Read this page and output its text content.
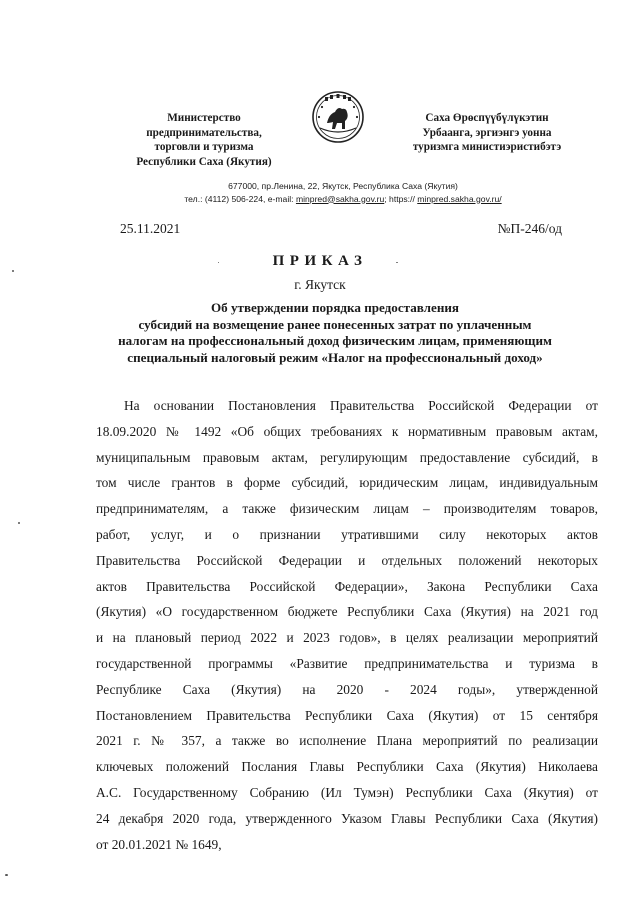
Министерство
предпринимательства,
торговли и туризма
Республики Саха (Якутия)
Саха Өрөспүүбүлүкэтин
Урбаанга, эргиэнгэ уонна
туризмга министиэристибэтэ
677000, пр.Ленина, 22, Якутск, Республика Саха (Якутия)
тел.: (4112) 506-224, e-mail: minpred@sakha.gov.ru; https:// minpred.sakha.gov.ru/
25.11.2021	№П-246/од
ПРИКАЗ
г. Якутск
Об утверждении порядка предоставления
субсидий на возмещение ранее понесенных затрат по уплаченным
налогам на профессиональный доход физическим лицам, применяющим
специальный налоговый режим «Налог на профессиональный доход»
На основании Постановления Правительства Российской Федерации от
18.09.2020 № 1492 «Об общих требованиях к нормативным правовым актам,
муниципальным правовым актам, регулирующим предоставление субсидий, в
том числе грантов в форме субсидий, юридическим лицам, индивидуальным
предпринимателям, а также физическим лицам – производителям товаров,
работ, услуг, и о признании утратившими силу некоторых актов
Правительства Российской Федерации и отдельных положений некоторых
актов Правительства Российской Федерации», Закона Республики Саха
(Якутия) «О государственном бюджете Республики Саха (Якутия) на 2021 год
и на плановый период 2022 и 2023 годов», в целях реализации мероприятий
государственной программы «Развитие предпринимательства и туризма в
Республике Саха (Якутия) на 2020 - 2024 годы», утвержденной
Постановлением Правительства Республики Саха (Якутия) от 15 сентября
2021 г. № 357, а также во исполнение Плана мероприятий по реализации
ключевых положений Послания Главы Республики Саха (Якутия) Николаева
А.С. Государственному Собранию (Ил Тумэн) Республики Саха (Якутия) от
24 декабря 2020 года, утвержденного Указом Главы Республики Саха (Якутия)
от 20.01.2021 № 1649,
